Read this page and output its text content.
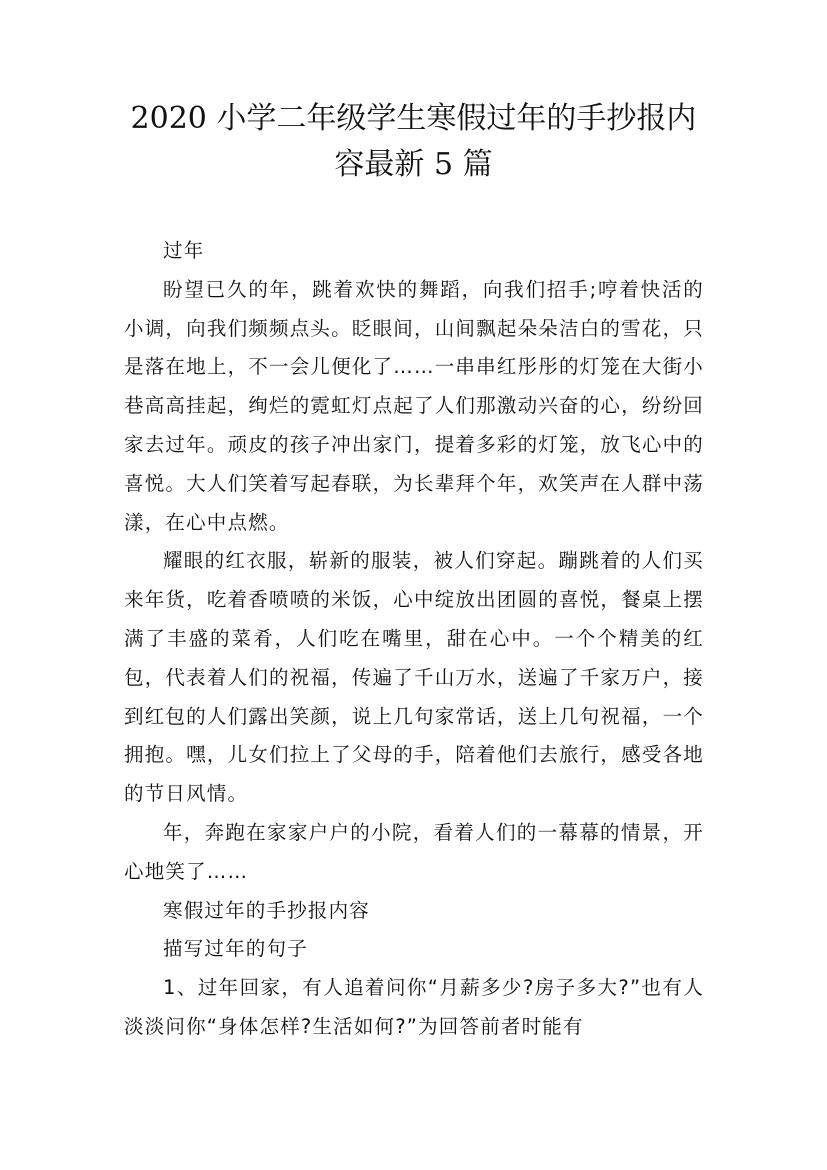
2020 小学二年级学生寒假过年的手抄报内
容最新 5 篇

过年

盼望已久的年，跳着欢快的舞蹈，向我们招手;哼着快活的小调，向我们频频点头。眨眼间，山间飘起朵朵洁白的雪花，只是落在地上，不一会儿便化了……一串串红彤彤的灯笼在大街小巷高高挂起，绚烂的霓虹灯点起了人们那激动兴奋的心，纷纷回家去过年。顽皮的孩子冲出家门，提着多彩的灯笼，放飞心中的喜悦。大人们笑着写起春联，为长辈拜个年，欢笑声在人群中荡漾，在心中点燃。

耀眼的红衣服，崭新的服装，被人们穿起。蹦跳着的人们买来年货，吃着香喷喷的米饭，心中绽放出团圆的喜悦，餐桌上摆满了丰盛的菜肴，人们吃在嘴里，甜在心中。一个个精美的红包，代表着人们的祝福，传遍了千山万水，送遍了千家万户，接到红包的人们露出笑颜，说上几句家常话，送上几句祝福，一个拥抱。嘿，儿女们拉上了父母的手，陪着他们去旅行，感受各地的节日风情。

年，奔跑在家家户户的小院，看着人们的一幕幕的情景，开心地笑了……

寒假过年的手抄报内容

描写过年的句子

1、过年回家，有人追着问你“月薪多少?房子多大?”也有人淡淡问你“身体怎样?生活如何?”为回答前者时能有
